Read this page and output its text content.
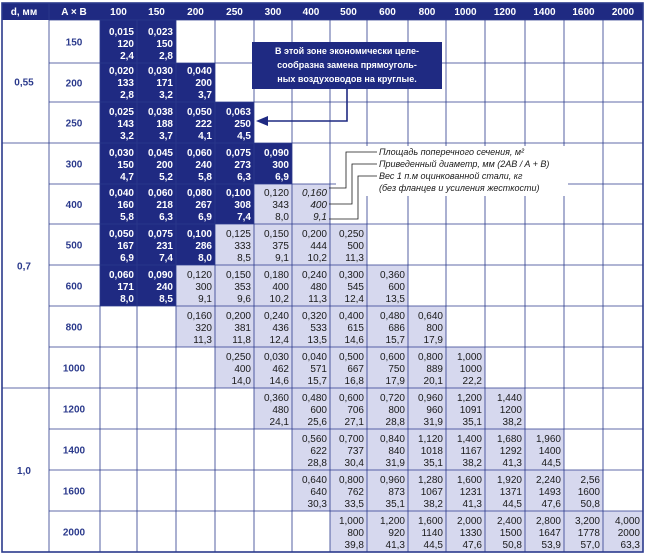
d, мм A × B 100 150 200 250 300 400 500 600 800 1000 1200 1400 1600 2000
0,015
120
2,4
0,023
150
2,8
0,020
133
2,8
0,030
171
3,2
0,040
200
3,7
0,025
143
3,2
0,038
188
3,7
0,050
222
4,1
0,063
250
4,5
0,030
150
4,7
0,045
200
5,2
0,060
240
5,8
0,075
273
6,3
0,090
300
6,9
0,040
160
5,8
0,060
218
6,3
0,080
267
6,9
0,100
308
7,4
0,120
343
8,0
0,160
400
9,1
0,050
167
6,9
0,075
231
7,4
0,100
286
8,0
0,125
333
8,5
0,150
375
9,1
0,200
444
10,2
0,250
500
11,3
0,060
171
8,0
0,090
240
8,5
0,120
300
9,1
0,150
353
9,6
0,180
400
10,2
0,240
480
11,3
0,300
545
12,4
0,360
600
13,5
0,160
320
11,3
0,200
381
11,8
0,240
436
12,4
0,320
533
13,5
0,400
615
14,6
0,480
686
15,7
0,640
800
17,9
0,250
400
14,0
0,030
462
14,6
0,040
571
15,7
0,500
667
16,8
0,600
750
17,9
0,800
889
20,1
1,000
1000
22,2
0,360
480
24,1
0,480
600
25,6
0,600
706
27,1
0,720
800
28,8
0,960
960
31,9
1,200
1091
35,1
1,440
1200
38,2
0,560
622
28,8
0,700
737
30,4
0,840
840
31,9
1,120
1018
35,1
1,400
1167
38,2
1,680
1292
41,3
1,960
1400
44,5
0,640
640
30,3
0,800
762
33,5
0,960
873
35,1
1,280
1067
38,2
1,600
1231
41,3
1,920
1371
44,5
2,240
1493
47,6
2,56
1600
50,8
1,000
800
39,8
1,200
920
41,3
1,600
1140
44,5
2,000
1330
47,6
2,400
1500
50,8
2,800
1647
53,9
3,200
1778
57,0
4,000
2000
63,3
150
200
250
300
400
500
600
800
1000
1200
1400
1600
2000
0,55
0,7
1,0
В этой зоне экономически целе-
сообразна замена прямоуголь-
ных воздуховодов на круглые.
Площадь поперечного сечения, м²
Приведенный диаметр, мм (2AB / A + B)
Вес 1 п.м оцинкованной стали, кг
(без фланцев и усиления жесткости)
